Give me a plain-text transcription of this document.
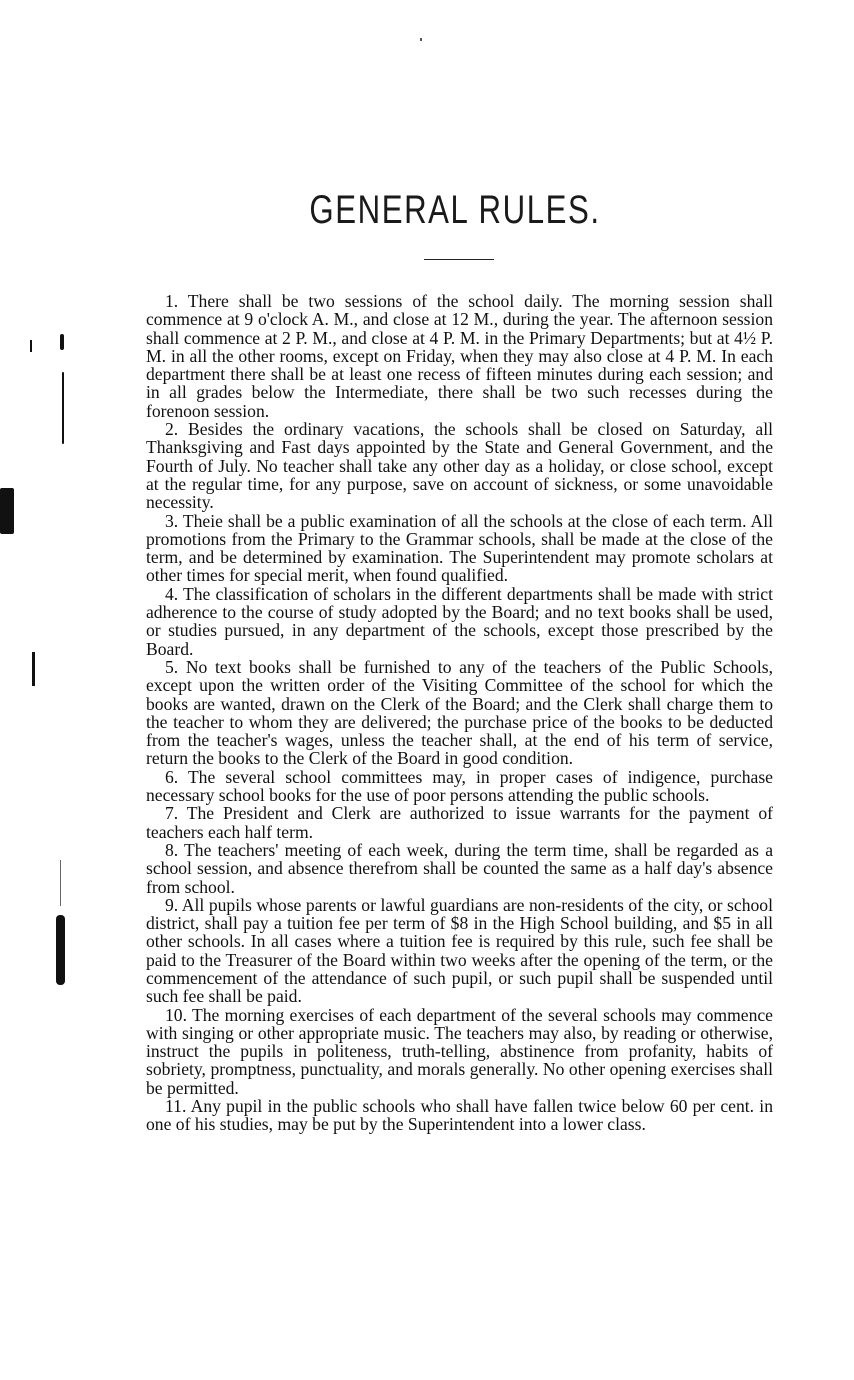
GENERAL RULES.

1. There shall be two sessions of the school daily. The morning session shall commence at 9 o'clock A. M., and close at 12 M., during the year. The afternoon session shall commence at 2 P. M., and close at 4 P. M. in the Primary Departments; but at 4½ P. M. in all the other rooms, except on Friday, when they may also close at 4 P. M. In each department there shall be at least one recess of fifteen minutes during each session; and in all grades below the Intermediate, there shall be two such recesses during the forenoon session.

2. Besides the ordinary vacations, the schools shall be closed on Saturday, all Thanksgiving and Fast days appointed by the State and General Government, and the Fourth of July. No teacher shall take any other day as a holiday, or close school, except at the regular time, for any purpose, save on account of sickness, or some unavoidable necessity.

3. Theie shall be a public examination of all the schools at the close of each term. All promotions from the Primary to the Grammar schools, shall be made at the close of the term, and be determined by examination. The Superintendent may promote scholars at other times for special merit, when found qualified.

4. The classification of scholars in the different departments shall be made with strict adherence to the course of study adopted by the Board; and no text books shall be used, or studies pursued, in any department of the schools, except those prescribed by the Board.

5. No text books shall be furnished to any of the teachers of the Public Schools, except upon the written order of the Visiting Committee of the school for which the books are wanted, drawn on the Clerk of the Board; and the Clerk shall charge them to the teacher to whom they are delivered; the purchase price of the books to be deducted from the teacher's wages, unless the teacher shall, at the end of his term of service, return the books to the Clerk of the Board in good condition.

6. The several school committees may, in proper cases of indigence, purchase necessary school books for the use of poor persons attending the public schools.

7. The President and Clerk are authorized to issue warrants for the payment of teachers each half term.

8. The teachers' meeting of each week, during the term time, shall be regarded as a school session, and absence therefrom shall be counted the same as a half day's absence from school.

9. All pupils whose parents or lawful guardians are non-residents of the city, or school district, shall pay a tuition fee per term of $8 in the High School building, and $5 in all other schools. In all cases where a tuition fee is required by this rule, such fee shall be paid to the Treasurer of the Board within two weeks after the opening of the term, or the commencement of the attendance of such pupil, or such pupil shall be suspended until such fee shall be paid.

10. The morning exercises of each department of the several schools may commence with singing or other appropriate music. The teachers may also, by reading or otherwise, instruct the pupils in politeness, truth-telling, abstinence from profanity, habits of sobriety, promptness, punctuality, and morals generally. No other opening exercises shall be permitted.

11. Any pupil in the public schools who shall have fallen twice below 60 per cent. in one of his studies, may be put by the Superintendent into a lower class.
